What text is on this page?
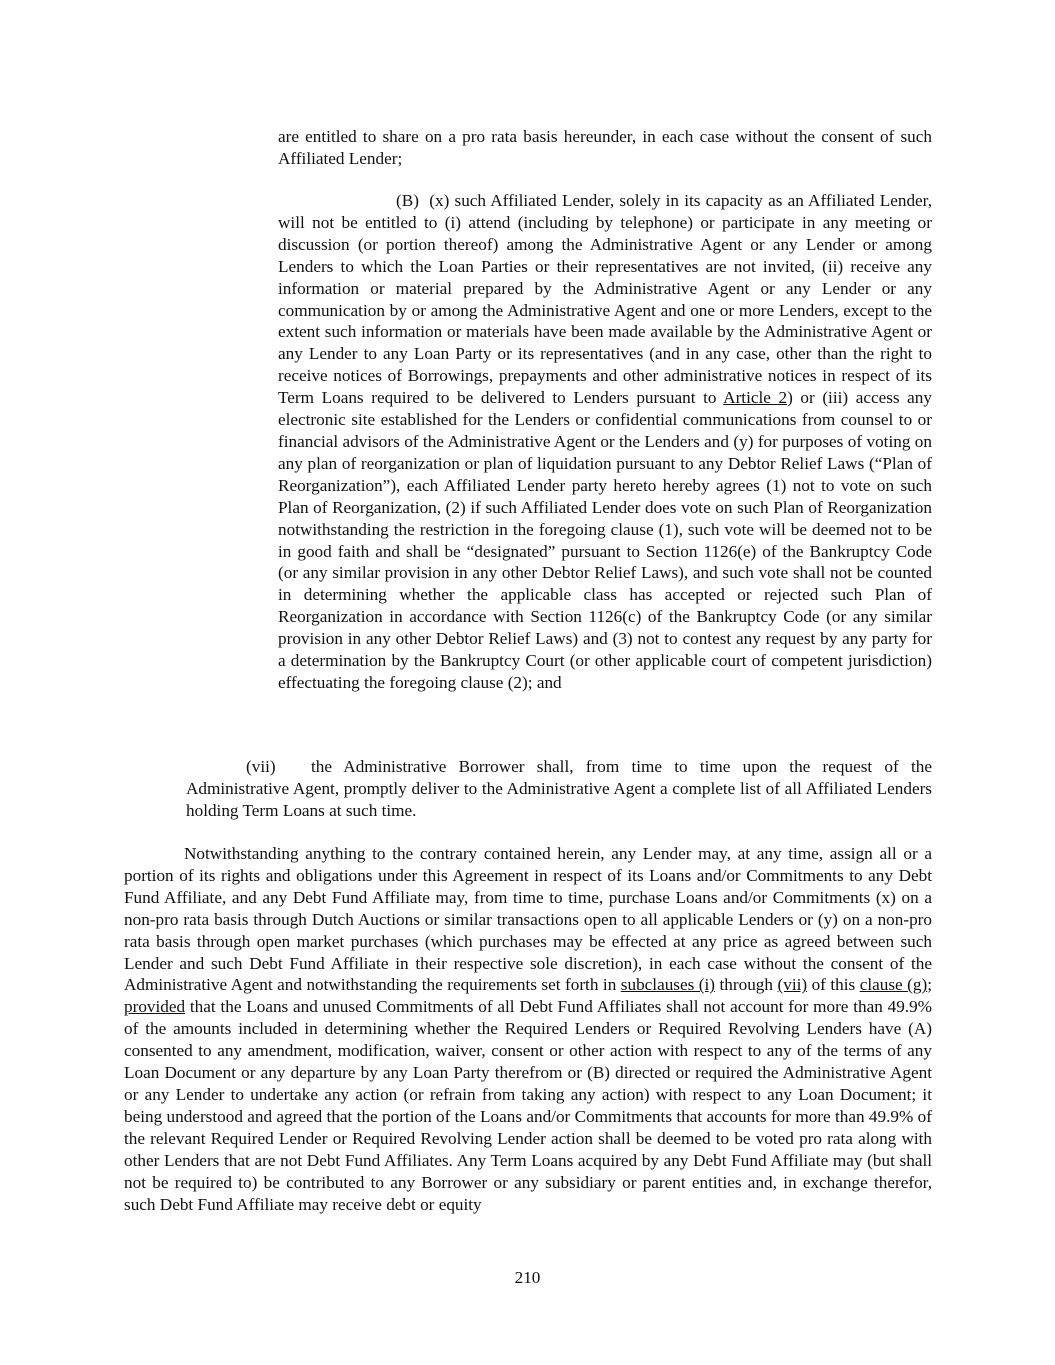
are entitled to share on a pro rata basis hereunder, in each case without the consent of such Affiliated Lender;

(B) (x) such Affiliated Lender, solely in its capacity as an Affiliated Lender, will not be entitled to (i) attend (including by telephone) or participate in any meeting or discussion (or portion thereof) among the Administrative Agent or any Lender or among Lenders to which the Loan Parties or their representatives are not invited, (ii) receive any information or material prepared by the Administrative Agent or any Lender or any communication by or among the Administrative Agent and one or more Lenders, except to the extent such information or materials have been made available by the Administrative Agent or any Lender to any Loan Party or its representatives (and in any case, other than the right to receive notices of Borrowings, prepayments and other administrative notices in respect of its Term Loans required to be delivered to Lenders pursuant to Article 2) or (iii) access any electronic site established for the Lenders or confidential communications from counsel to or financial advisors of the Administrative Agent or the Lenders and (y) for purposes of voting on any plan of reorganization or plan of liquidation pursuant to any Debtor Relief Laws (“Plan of Reorganization”), each Affiliated Lender party hereto hereby agrees (1) not to vote on such Plan of Reorganization, (2) if such Affiliated Lender does vote on such Plan of Reorganization notwithstanding the restriction in the foregoing clause (1), such vote will be deemed not to be in good faith and shall be “designated” pursuant to Section 1126(e) of the Bankruptcy Code (or any similar provision in any other Debtor Relief Laws), and such vote shall not be counted in determining whether the applicable class has accepted or rejected such Plan of Reorganization in accordance with Section 1126(c) of the Bankruptcy Code (or any similar provision in any other Debtor Relief Laws) and (3) not to contest any request by any party for a determination by the Bankruptcy Court (or other applicable court of competent jurisdiction) effectuating the foregoing clause (2); and

(vii) the Administrative Borrower shall, from time to time upon the request of the Administrative Agent, promptly deliver to the Administrative Agent a complete list of all Affiliated Lenders holding Term Loans at such time.

Notwithstanding anything to the contrary contained herein, any Lender may, at any time, assign all or a portion of its rights and obligations under this Agreement in respect of its Loans and/or Commitments to any Debt Fund Affiliate, and any Debt Fund Affiliate may, from time to time, purchase Loans and/or Commitments (x) on a non-pro rata basis through Dutch Auctions or similar transactions open to all applicable Lenders or (y) on a non-pro rata basis through open market purchases (which purchases may be effected at any price as agreed between such Lender and such Debt Fund Affiliate in their respective sole discretion), in each case without the consent of the Administrative Agent and notwithstanding the requirements set forth in subclauses (i) through (vii) of this clause (g); provided that the Loans and unused Commitments of all Debt Fund Affiliates shall not account for more than 49.9% of the amounts included in determining whether the Required Lenders or Required Revolving Lenders have (A) consented to any amendment, modification, waiver, consent or other action with respect to any of the terms of any Loan Document or any departure by any Loan Party therefrom or (B) directed or required the Administrative Agent or any Lender to undertake any action (or refrain from taking any action) with respect to any Loan Document; it being understood and agreed that the portion of the Loans and/or Commitments that accounts for more than 49.9% of the relevant Required Lender or Required Revolving Lender action shall be deemed to be voted pro rata along with other Lenders that are not Debt Fund Affiliates. Any Term Loans acquired by any Debt Fund Affiliate may (but shall not be required to) be contributed to any Borrower or any subsidiary or parent entities and, in exchange therefor, such Debt Fund Affiliate may receive debt or equity

210
